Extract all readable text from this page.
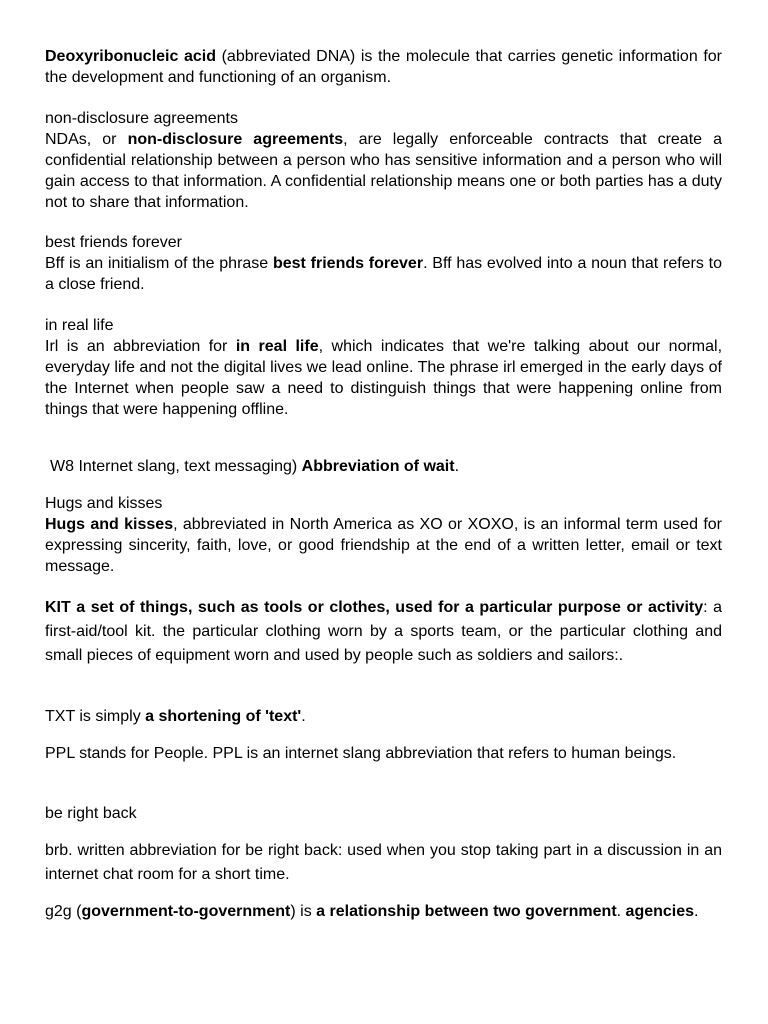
Deoxyribonucleic acid (abbreviated DNA) is the molecule that carries genetic information for the development and functioning of an organism.

non-disclosure agreements
NDAs, or non-disclosure agreements, are legally enforceable contracts that create a confidential relationship between a person who has sensitive information and a person who will gain access to that information. A confidential relationship means one or both parties has a duty not to share that information.

best friends forever
Bff is an initialism of the phrase best friends forever. Bff has evolved into a noun that refers to a close friend.

in real life
Irl is an abbreviation for in real life, which indicates that we're talking about our normal, everyday life and not the digital lives we lead online. The phrase irl emerged in the early days of the Internet when people saw a need to distinguish things that were happening online from things that were happening offline.

W8 Internet slang, text messaging) Abbreviation of wait.

Hugs and kisses
Hugs and kisses, abbreviated in North America as XO or XOXO, is an informal term used for expressing sincerity, faith, love, or good friendship at the end of a written letter, email or text message.

KIT a set of things, such as tools or clothes, used for a particular purpose or activity: a first-aid/tool kit. the particular clothing worn by a sports team, or the particular clothing and small pieces of equipment worn and used by people such as soldiers and sailors:.

TXT is simply a shortening of 'text'.

PPL stands for People. PPL is an internet slang abbreviation that refers to human beings.

be right back

brb. written abbreviation for be right back: used when you stop taking part in a discussion in an internet chat room for a short time.

g2g (government-to-government) is a relationship between two government. agencies.
